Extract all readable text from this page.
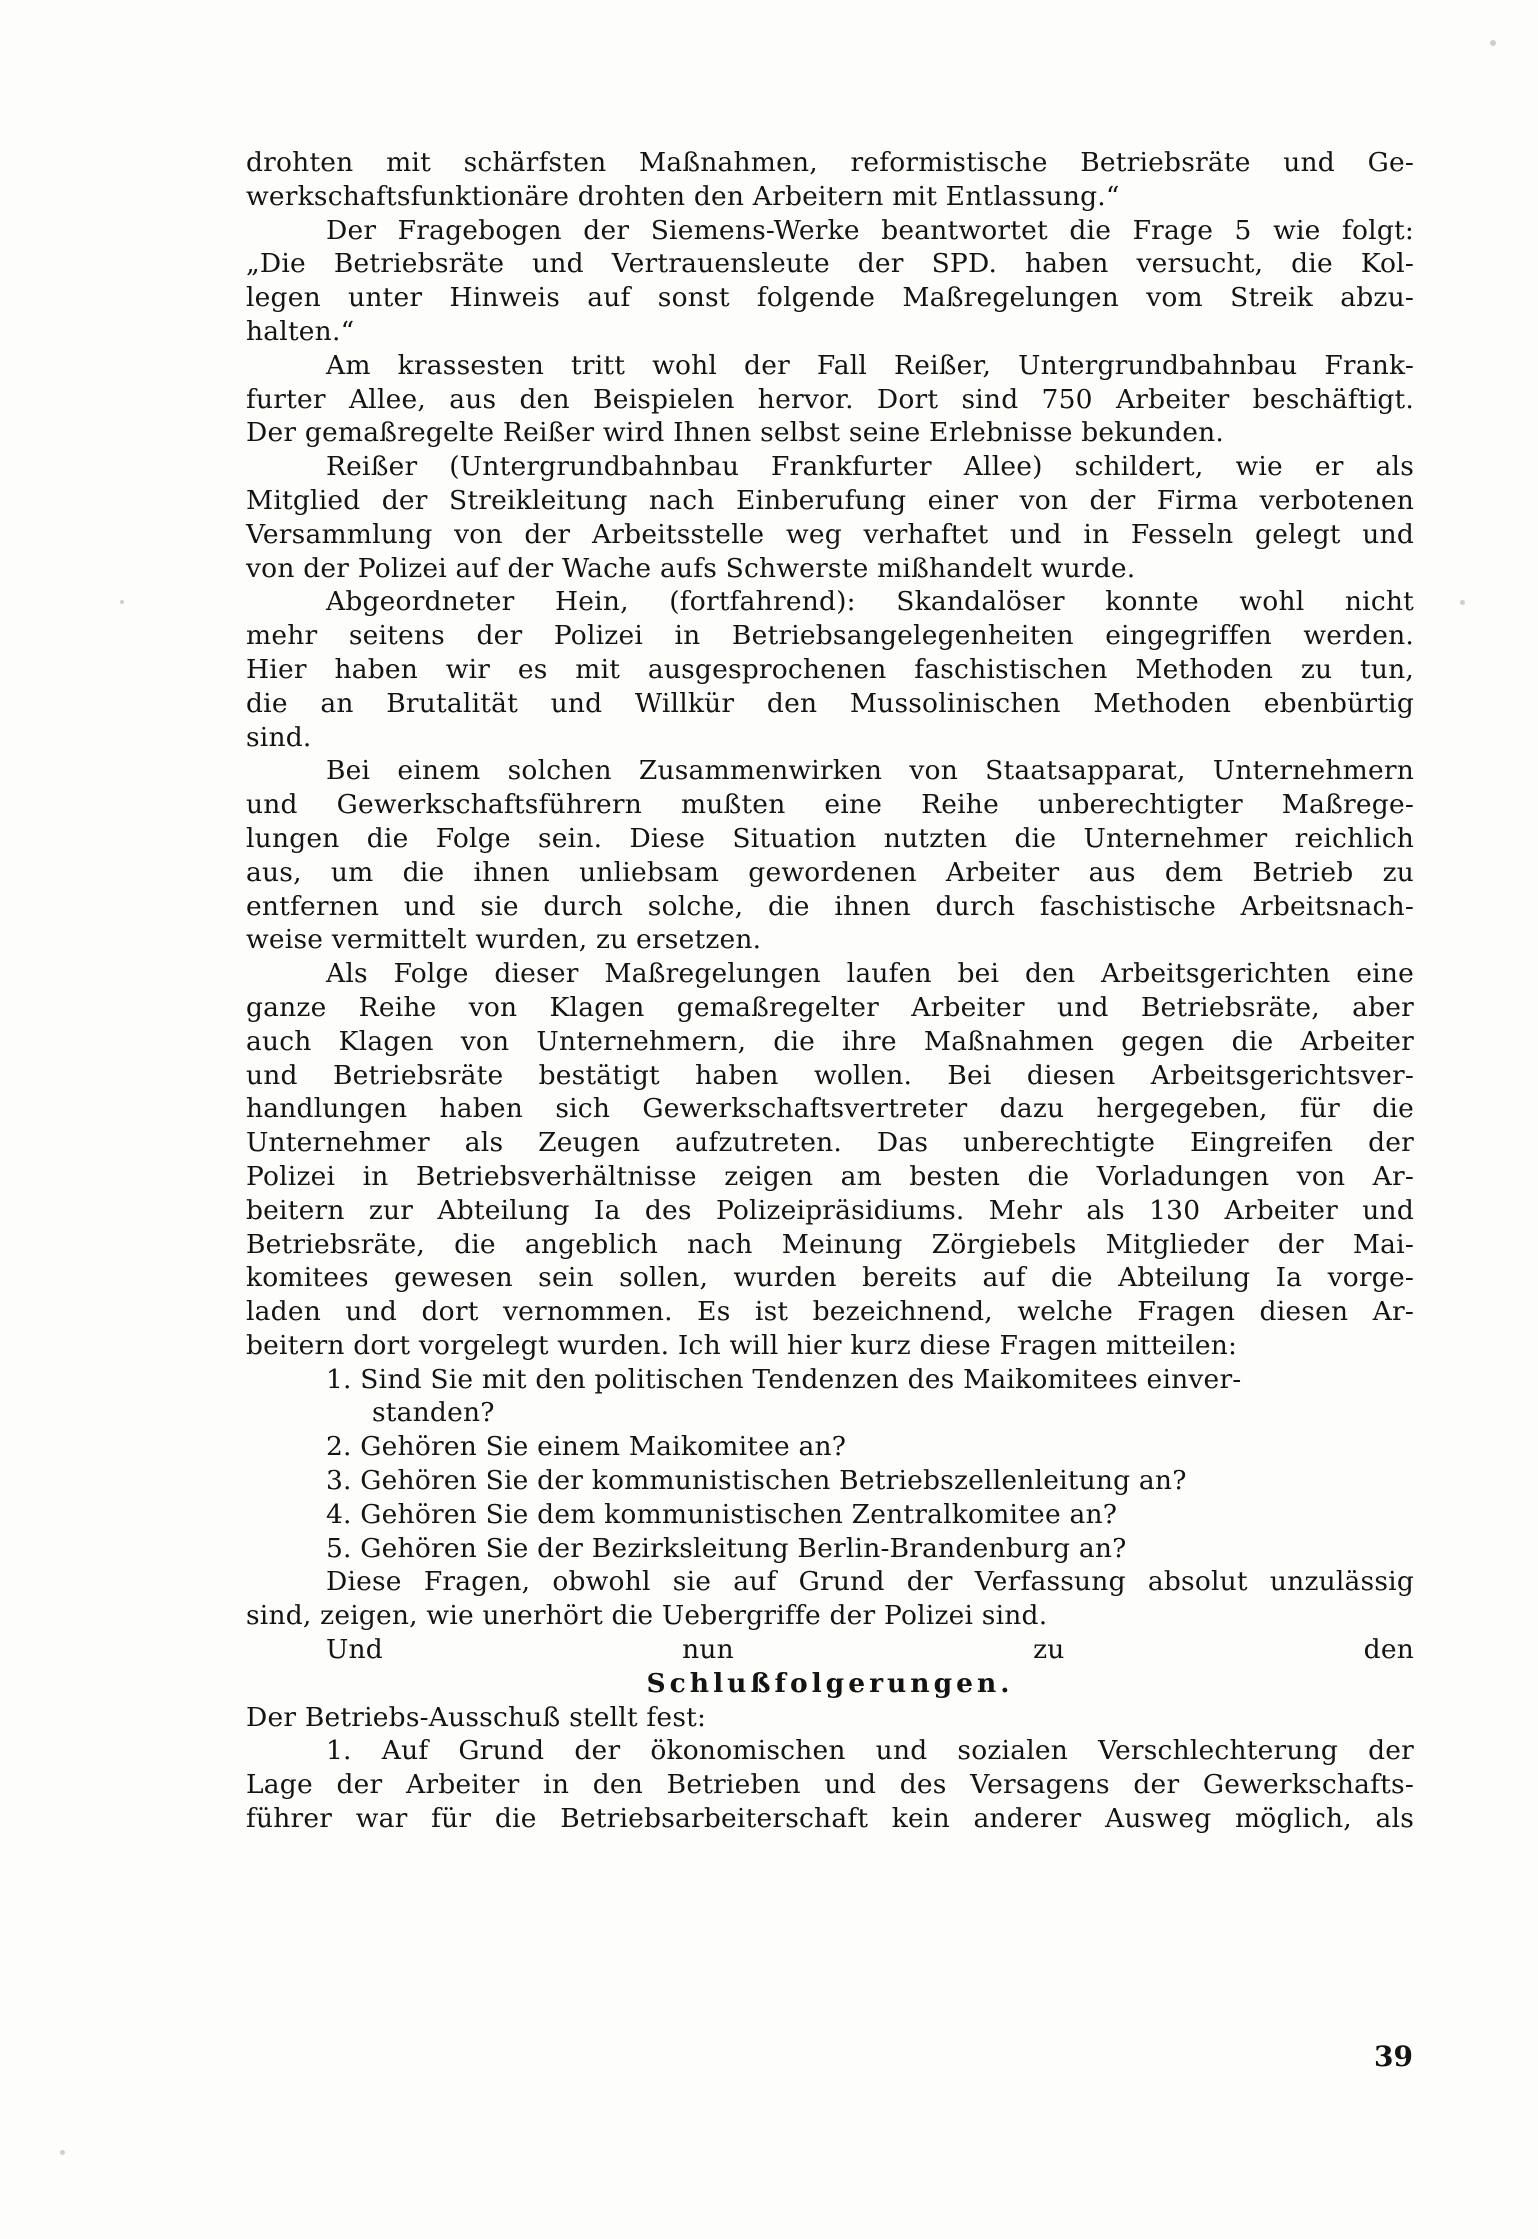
drohten mit schärfsten Maßnahmen, reformistische Betriebsräte und Ge-
werkschaftsfunktionäre drohten den Arbeitern mit Entlassung.“
Der Fragebogen der Siemens-Werke beantwortet die Frage 5 wie folgt:
„Die Betriebsräte und Vertrauensleute der SPD. haben versucht, die Kol-
legen unter Hinweis auf sonst folgende Maßregelungen vom Streik abzu-
halten.“
Am krassesten tritt wohl der Fall Reißer, Untergrundbahnbau Frank-
furter Allee, aus den Beispielen hervor. Dort sind 750 Arbeiter beschäftigt.
Der gemaßregelte Reißer wird Ihnen selbst seine Erlebnisse bekunden.
Reißer (Untergrundbahnbau Frankfurter Allee) schildert, wie er als
Mitglied der Streikleitung nach Einberufung einer von der Firma verbotenen
Versammlung von der Arbeitsstelle weg verhaftet und in Fesseln gelegt und
von der Polizei auf der Wache aufs Schwerste mißhandelt wurde.
Abgeordneter Hein, (fortfahrend): Skandalöser konnte wohl nicht
mehr seitens der Polizei in Betriebsangelegenheiten eingegriffen werden.
Hier haben wir es mit ausgesprochenen faschistischen Methoden zu tun,
die an Brutalität und Willkür den Mussolinischen Methoden ebenbürtig
sind.
Bei einem solchen Zusammenwirken von Staatsapparat, Unternehmern
und Gewerkschaftsführern mußten eine Reihe unberechtigter Maßrege-
lungen die Folge sein. Diese Situation nutzten die Unternehmer reichlich
aus, um die ihnen unliebsam gewordenen Arbeiter aus dem Betrieb zu
entfernen und sie durch solche, die ihnen durch faschistische Arbeitsnach-
weise vermittelt wurden, zu ersetzen.
Als Folge dieser Maßregelungen laufen bei den Arbeitsgerichten eine
ganze Reihe von Klagen gemaßregelter Arbeiter und Betriebsräte, aber
auch Klagen von Unternehmern, die ihre Maßnahmen gegen die Arbeiter
und Betriebsräte bestätigt haben wollen. Bei diesen Arbeitsgerichtsver-
handlungen haben sich Gewerkschaftsvertreter dazu hergegeben, für die
Unternehmer als Zeugen aufzutreten. Das unberechtigte Eingreifen der
Polizei in Betriebsverhältnisse zeigen am besten die Vorladungen von Ar-
beitern zur Abteilung Ia des Polizeipräsidiums. Mehr als 130 Arbeiter und
Betriebsräte, die angeblich nach Meinung Zörgiebels Mitglieder der Mai-
komitees gewesen sein sollen, wurden bereits auf die Abteilung Ia vorge-
laden und dort vernommen. Es ist bezeichnend, welche Fragen diesen Ar-
beitern dort vorgelegt wurden. Ich will hier kurz diese Fragen mitteilen:
1. Sind Sie mit den politischen Tendenzen des Maikomitees einver-
standen?
2. Gehören Sie einem Maikomitee an?
3. Gehören Sie der kommunistischen Betriebszellenleitung an?
4. Gehören Sie dem kommunistischen Zentralkomitee an?
5. Gehören Sie der Bezirksleitung Berlin-Brandenburg an?
Diese Fragen, obwohl sie auf Grund der Verfassung absolut unzulässig
sind, zeigen, wie unerhört die Uebergriffe der Polizei sind.
Und nun zu den
Schlußfolgerungen.
Der Betriebs-Ausschuß stellt fest:
1. Auf Grund der ökonomischen und sozialen Verschlechterung der
Lage der Arbeiter in den Betrieben und des Versagens der Gewerkschafts-
führer war für die Betriebsarbeiterschaft kein anderer Ausweg möglich, als
39
